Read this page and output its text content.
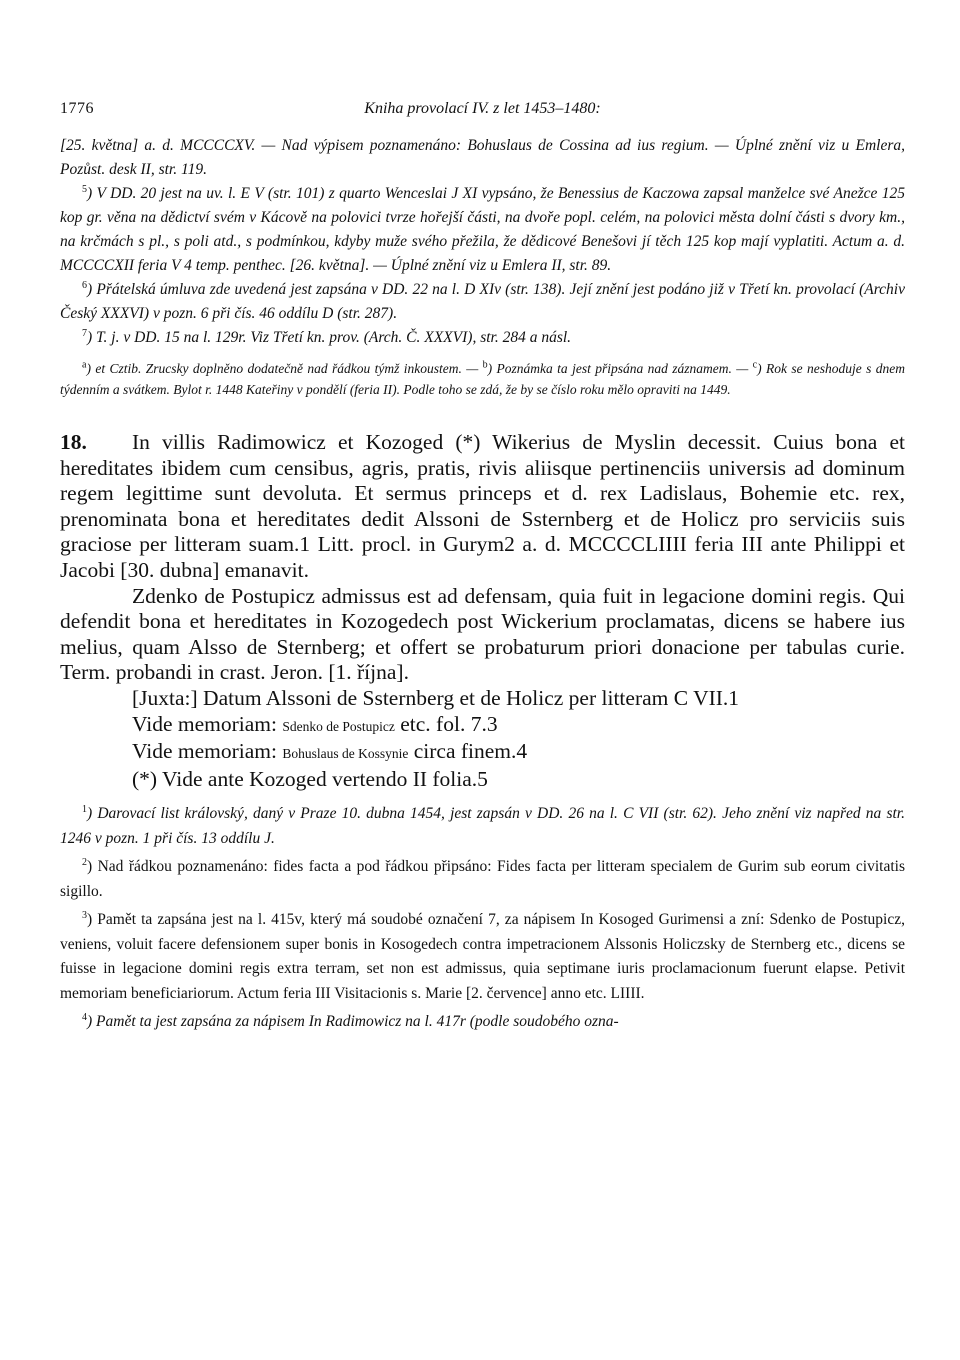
1776	Kniha provolací IV. z let 1453–1480:

[25. května] a. d. MCCCCXV. — Nad výpisem poznamenáno: Bohuslaus de Cossina ad ius regium. — Úplné znění viz u Emlera, Pozůst. desk II, str. 119.

$^5$) V DD. 20 jest na uv. l. E V (str. 101) z quarto Wenceslai J XI vypsáno, že Benessius de Kaczowa zapsal manželce své Anežce 125 kop gr. věna na dědictví svém v Kácově na polovici tvrze hořejší části, na dvoře popl. celém, na polovici města dolní části s dvory km., na krčmách s pl., s poli atd., s podmínkou, kdyby muže svého přežila, že dědicové Benešovi jí těch 125 kop mají vyplatiti. Actum a. d. MCCCCXII feria V 4 temp. penthec. [26. května]. — Úplné znění viz u Emlera II, str. 89.

$^6$) Přátelská úmluva zde uvedená jest zapsána v DD. 22 na l. D XIv (str. 138). Její znění jest podáno již v Třetí kn. provolací (Archiv Český XXXVI) v pozn. 6 při čís. 46 oddílu D (str. 287).

$^7$) T. j. v DD. 15 na l. 129r. Viz Třetí kn. prov. (Arch. Č. XXXVI), str. 284 a násl.

$^a$) et Cztib. Zrucsky doplněno dodatečně nad řádkou týmž inkoustem. — $^b$) Poznámka ta jest připsána nad záznamem. — $^c$) Rok se neshoduje s dnem týdenním a svátkem. Bylot r. 1448 Kateřiny v pondělí (feria II). Podle toho se zdá, že by se číslo roku mělo opraviti na 1449.

18. In villis Radimowicz et Kozoged (*) Wikerius de Myslin decessit. Cuius bona et hereditates ibidem cum censibus, agris, pratis, rivis aliisque pertinenciis universis ad dominum regem legittime sunt devoluta. Et sermus princeps et d. rex Ladislaus, Bohemie etc. rex, prenominata bona et hereditates dedit Alssoni de Ssternberg et de Holicz pro serviciis suis graciose per litteram suam.1 Litt. procl. in Gurym2 a. d. MCCCCLIIII feria III ante Philippi et Jacobi [30. dubna] emanavit.

Zdenko de Postupicz admissus est ad defensam, quia fuit in legacione domini regis. Qui defendit bona et hereditates in Kozogedech post Wickerium proclamatas, dicens se habere ius melius, quam Alsso de Sternberg; et offert se probaturum priori donacione per tabulas curie. Term. probandi in crast. Jeron. [1. října].

[Juxta:] Datum Alssoni de Ssternberg et de Holicz per litteram C VII.1

Vide memoriam: Sdenko de Postupicz etc. fol. 7.3

Vide memoriam: Bohuslaus de Kossynie circa finem.4

(*) Vide ante Kozoged vertendo II folia.5

$^1$) Darovací list královský, daný v Praze 10. dubna 1454, jest zapsán v DD. 26 na l. C VII (str. 62). Jeho znění viz napřed na str. 1246 v pozn. 1 při čís. 13 oddílu J.

$^2$) Nad řádkou poznamenáno: fides facta a pod řádkou připsáno: Fides facta per litteram specialem de Gurim sub eorum civitatis sigillo.

$^3$) Pamět ta zapsána jest na l. 415v, který má soudobé označení 7, za nápisem In Kosoged Gurimensi a zní: Sdenko de Postupicz, veniens, voluit facere defensionem super bonis in Kosogedech contra impetracionem Alssonis Holiczsky de Sternberg etc., dicens se fuisse in legacione domini regis extra terram, set non est admissus, quia septimane iuris proclamacionum fuerunt elapse. Petivit memoriam beneficiariorum. Actum feria III Visitacionis s. Marie [2. července] anno etc. LIIII.

$^4$) Pamět ta jest zapsána za nápisem In Radimowicz na l. 417r (podle soudobého ozna-
